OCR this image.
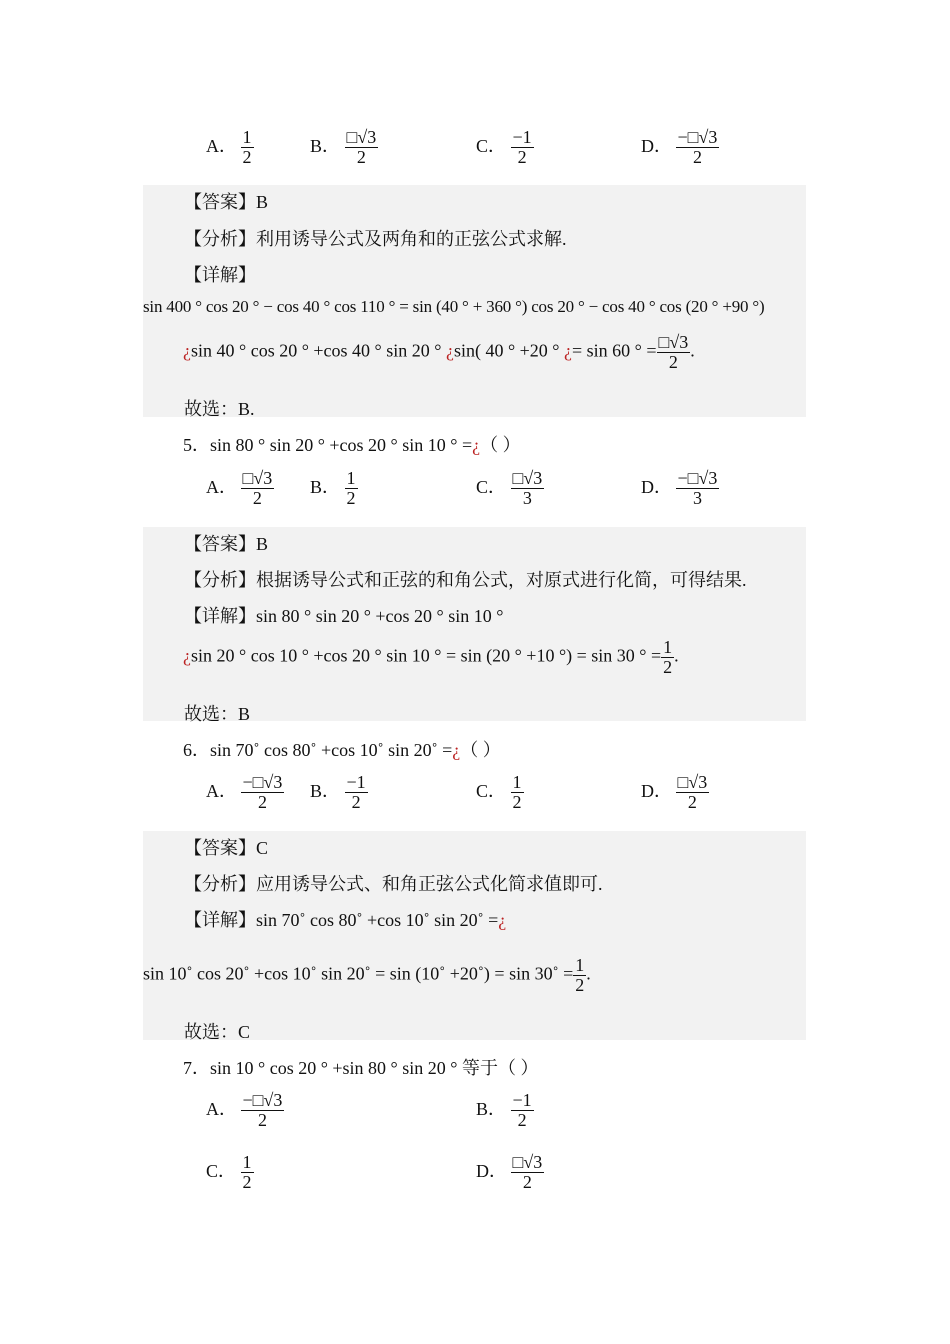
A． $\frac{1}{2}$	B． $\frac{□√3}{2}$	C． $\frac{-1}{2}$	D． $\frac{-□√3}{2}$
【答案】B
【分析】利用诱导公式及两角和的正弦公式求解.
【详解】
sin 400 ° cos 20 ° − cos 40 ° cos 110 ° = sin (40 ° + 360 °) cos 20 ° − cos 40 ° cos (20 ° +90 °)
¿sin 40 ° cos 20 ° +cos 40 ° sin 20 ° ¿sin( 40 ° +20 ° ¿= sin 60 ° = $\frac{□√3}{2}$ .
故选：B.
5．sin 80 ° sin 20 ° +cos 20 ° sin 10 ° =¿（ ）
A． $\frac{□√3}{2}$ B． $\frac{1}{2}$	C． $\frac{□√3}{3}$	D． $\frac{-□√3}{3}$
【答案】B
【分析】根据诱导公式和正弦的和角公式，对原式进行化简，可得结果.
【详解】sin 80 ° sin 20 ° +cos 20 ° sin 10 °
¿sin 20 ° cos 10 ° +cos 20 ° sin 10 ° = sin (20 ° +10 °) = sin 30 ° = $\frac{1}{2}$ .
故选：B
6．sin 70˚ cos 80˚ +cos 10˚ sin 20˚ =¿（ ）
A． $\frac{-□√3}{2}$ B． $\frac{-1}{2}$	C． $\frac{1}{2}$	D． $\frac{□√3}{2}$
【答案】C
【分析】应用诱导公式、和角正弦公式化简求值即可.
【详解】sin 70˚ cos 80˚ +cos 10˚ sin 20˚ =¿
sin 10˚ cos 20˚ +cos 10˚ sin 20˚ = sin (10˚ +20˚) = sin 30˚ = $\frac{1}{2}$ .
故选：C
7．sin 10 ° cos 20 ° +sin 80 ° sin 20 ° 等于（ ）
A． $\frac{-□√3}{2}$	B． $\frac{-1}{2}$
C． $\frac{1}{2}$	D． $\frac{□√3}{2}$
